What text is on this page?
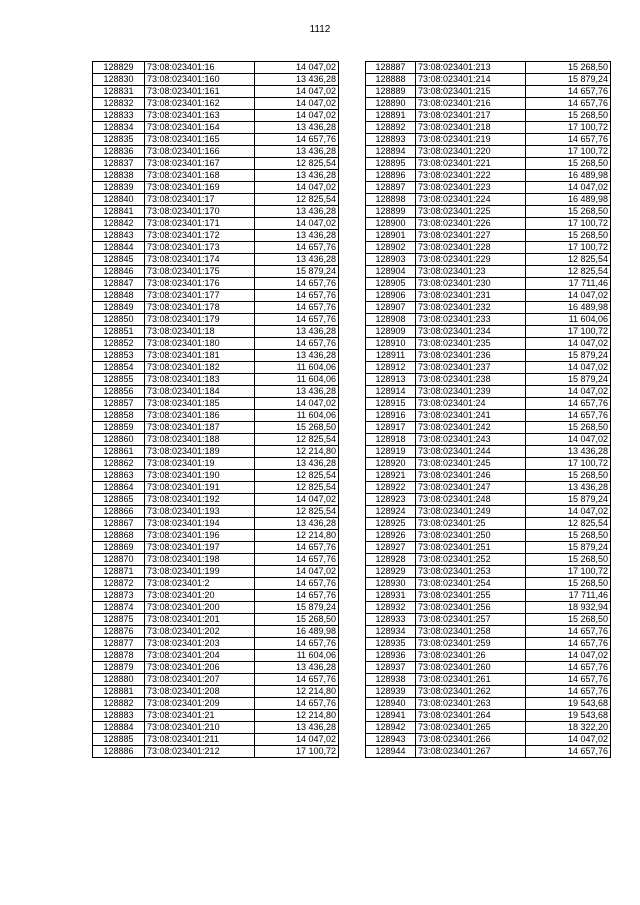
1112
128829	73:08:023401:16	14 047,02
128830	73:08:023401:160	13 436,28
128831	73:08:023401:161	14 047,02
128832	73:08:023401:162	14 047,02
128833	73:08:023401:163	14 047,02
128834	73:08:023401:164	13 436,28
128835	73:08:023401:165	14 657,76
128836	73:08:023401:166	13 436,28
128837	73:08:023401:167	12 825,54
128838	73:08:023401:168	13 436,28
128839	73:08:023401:169	14 047,02
128840	73:08:023401:17	12 825,54
128841	73:08:023401:170	13 436,28
128842	73:08:023401:171	14 047,02
128843	73:08:023401:172	13 436,28
128844	73:08:023401:173	14 657,76
128845	73:08:023401:174	13 436,28
128846	73:08:023401:175	15 879,24
128847	73:08:023401:176	14 657,76
128848	73:08:023401:177	14 657,76
128849	73:08:023401:178	14 657,76
128850	73:08:023401:179	14 657,76
128851	73:08:023401:18	13 436,28
128852	73:08:023401:180	14 657,76
128853	73:08:023401:181	13 436,28
128854	73:08:023401:182	11 604,06
128855	73:08:023401:183	11 604,06
128856	73:08:023401:184	13 436,28
128857	73:08:023401:185	14 047,02
128858	73:08:023401:186	11 604,06
128859	73:08:023401:187	15 268,50
128860	73:08:023401:188	12 825,54
128861	73:08:023401:189	12 214,80
128862	73:08:023401:19	13 436,28
128863	73:08:023401:190	12 825,54
128864	73:08:023401:191	12 825,54
128865	73:08:023401:192	14 047,02
128866	73:08:023401:193	12 825,54
128867	73:08:023401:194	13 436,28
128868	73:08:023401:196	12 214,80
128869	73:08:023401:197	14 657,76
128870	73:08:023401:198	14 657,76
128871	73:08:023401:199	14 047,02
128872	73:08:023401:2	14 657,76
128873	73:08:023401:20	14 657,76
128874	73:08:023401:200	15 879,24
128875	73:08:023401:201	15 268,50
128876	73:08:023401:202	16 489,98
128877	73:08:023401:203	14 657,76
128878	73:08:023401:204	11 604,06
128879	73:08:023401:206	13 436,28
128880	73:08:023401:207	14 657,76
128881	73:08:023401:208	12 214,80
128882	73:08:023401:209	14 657,76
128883	73:08:023401:21	12 214,80
128884	73:08:023401:210	13 436,28
128885	73:08:023401:211	14 047,02
128886	73:08:023401:212	17 100,72
128887	73:08:023401:213	15 268,50
128888	73:08:023401:214	15 879,24
128889	73:08:023401:215	14 657,76
128890	73:08:023401:216	14 657,76
128891	73:08:023401:217	15 268,50
128892	73:08:023401:218	17 100,72
128893	73:08:023401:219	14 657,76
128894	73:08:023401:220	17 100,72
128895	73:08:023401:221	15 268,50
128896	73:08:023401:222	16 489,98
128897	73:08:023401:223	14 047,02
128898	73:08:023401:224	16 489,98
128899	73:08:023401:225	15 268,50
128900	73:08:023401:226	17 100,72
128901	73:08:023401:227	15 268,50
128902	73:08:023401:228	17 100,72
128903	73:08:023401:229	12 825,54
128904	73:08:023401:23	12 825,54
128905	73:08:023401:230	17 711,46
128906	73:08:023401:231	14 047,02
128907	73:08:023401:232	16 489,98
128908	73:08:023401:233	11 604,06
128909	73:08:023401:234	17 100,72
128910	73:08:023401:235	14 047,02
128911	73:08:023401:236	15 879,24
128912	73:08:023401:237	14 047,02
128913	73:08:023401:238	15 879,24
128914	73:08:023401:239	14 047,02
128915	73:08:023401:24	14 657,76
128916	73:08:023401:241	14 657,76
128917	73:08:023401:242	15 268,50
128918	73:08:023401:243	14 047,02
128919	73:08:023401:244	13 436,28
128920	73:08:023401:245	17 100,72
128921	73:08:023401:246	15 268,50
128922	73:08:023401:247	13 436,28
128923	73:08:023401:248	15 879,24
128924	73:08:023401:249	14 047,02
128925	73:08:023401:25	12 825,54
128926	73:08:023401:250	15 268,50
128927	73:08:023401:251	15 879,24
128928	73:08:023401:252	15 268,50
128929	73:08:023401:253	17 100,72
128930	73:08:023401:254	15 268,50
128931	73:08:023401:255	17 711,46
128932	73:08:023401:256	18 932,94
128933	73:08:023401:257	15 268,50
128934	73:08:023401:258	14 657,76
128935	73:08:023401:259	14 657,76
128936	73:08:023401:26	14 047,02
128937	73:08:023401:260	14 657,76
128938	73:08:023401:261	14 657,76
128939	73:08:023401:262	14 657,76
128940	73:08:023401:263	19 543,68
128941	73:08:023401:264	19 543,68
128942	73:08:023401:265	18 322,20
128943	73:08:023401:266	14 047,02
128944	73:08:023401:267	14 657,76
